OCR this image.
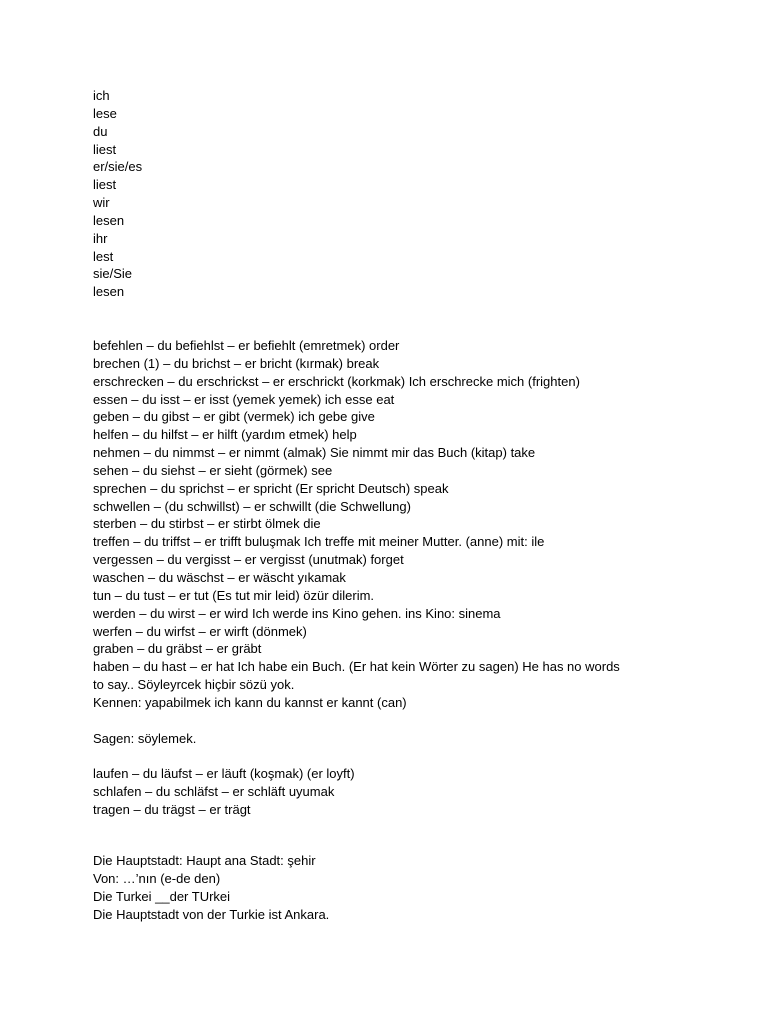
ich
lese
du
liest
er/sie/es
liest
wir
lesen
ihr
lest
sie/Sie
lesen
befehlen – du befiehlst – er befiehlt (emretmek) order
brechen (1) – du brichst – er bricht (kırmak) break
erschrecken – du erschrickst – er erschrickt (korkmak) Ich erschrecke mich (frighten)
essen – du isst – er isst (yemek yemek) ich esse eat
geben – du gibst – er gibt (vermek) ich gebe give
helfen – du hilfst – er hilft (yardım etmek) help
nehmen – du nimmst – er nimmt (almak) Sie nimmt mir das Buch (kitap) take
sehen – du siehst – er sieht (görmek) see
sprechen – du sprichst – er spricht (Er spricht Deutsch) speak
schwellen – (du schwillst) – er schwillt (die Schwellung)
sterben – du stirbst – er stirbt ölmek die
treffen – du triffst – er trifft buluşmak Ich treffe mit meiner Mutter. (anne) mit: ile
vergessen – du vergisst – er vergisst (unutmak) forget
waschen – du wäschst – er wäscht yıkamak
tun – du tust – er tut (Es tut mir leid) özür dilerim.
werden – du wirst – er wird Ich werde ins Kino gehen. ins Kino: sinema
werfen – du wirfst – er wirft (dönmek)
graben – du gräbst – er gräbt
haben – du hast – er hat Ich habe ein Buch. (Er hat kein Wörter zu sagen) He has no words
to say.. Söyleyrcek hiçbir sözü yok.
Kennen: yapabilmek ich kann du kannst er kannt (can)
Sagen: söylemek.
laufen – du läufst – er läuft (koşmak) (er loyft)
schlafen – du schläfst – er schläft uyumak
tragen – du trägst – er trägt
Die Hauptstadt: Haupt ana Stadt: şehir
Von: …’nın (e-de den)
Die Turkei __der TUrkei
Die Hauptstadt von der Turkie ist Ankara.
